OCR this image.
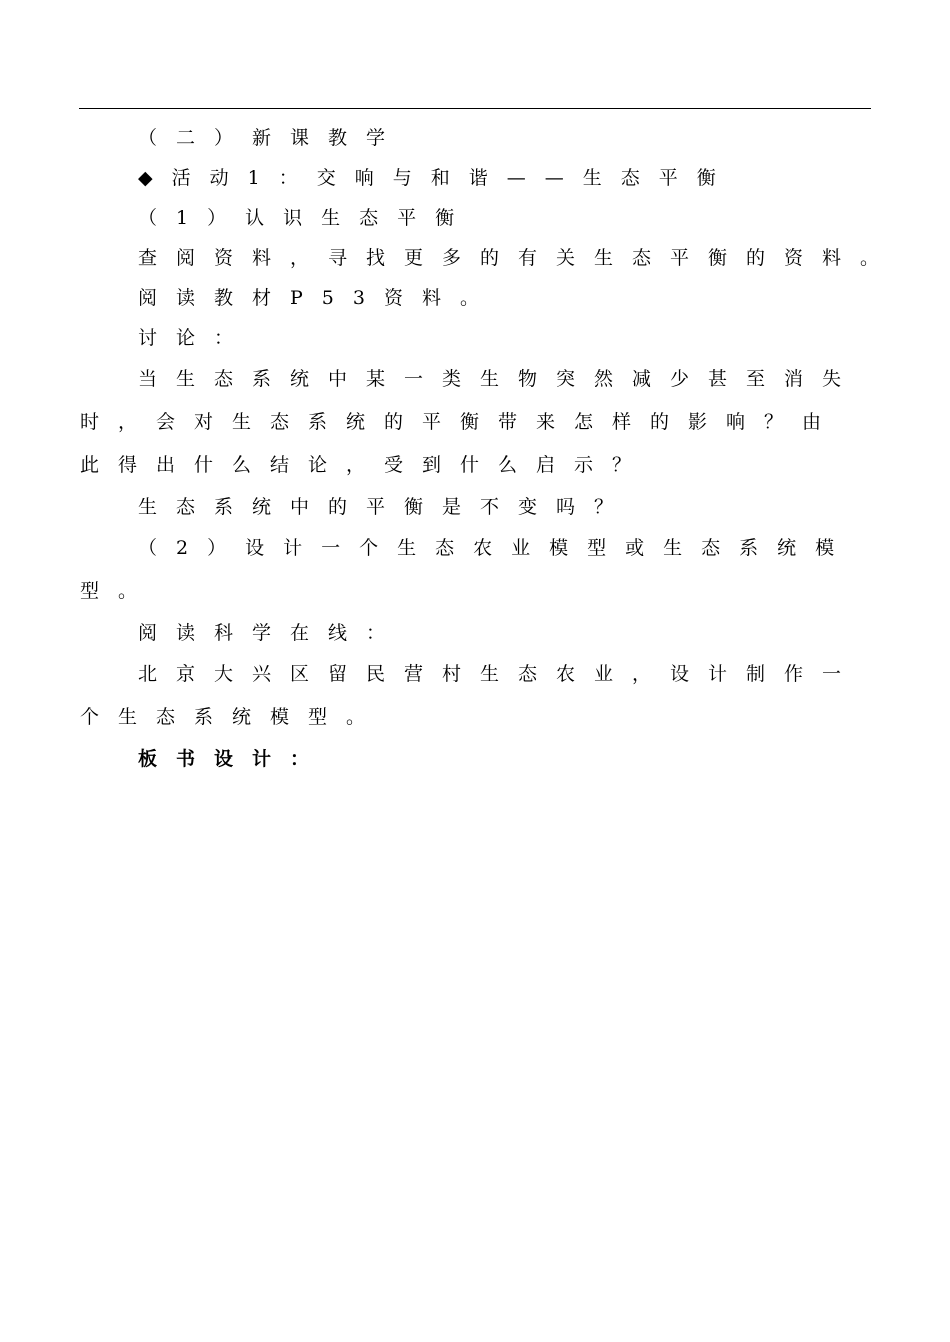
（二）新课教学
◆活动1：交响与和谐——生态平衡
（1）认识生态平衡
查阅资料，寻找更多的有关生态平衡的资料。
阅读教材P53资料。
讨论：
当生态系统中某一类生物突然减少甚至消失
时，会对生态系统的平衡带来怎样的影响？由
此得出什么结论，受到什么启示？
生态系统中的平衡是不变吗？
（2）设计一个生态农业模型或生态系统模
型。
阅读科学在线：
北京大兴区留民营村生态农业，设计制作一
个生态系统模型。
板书设计：
